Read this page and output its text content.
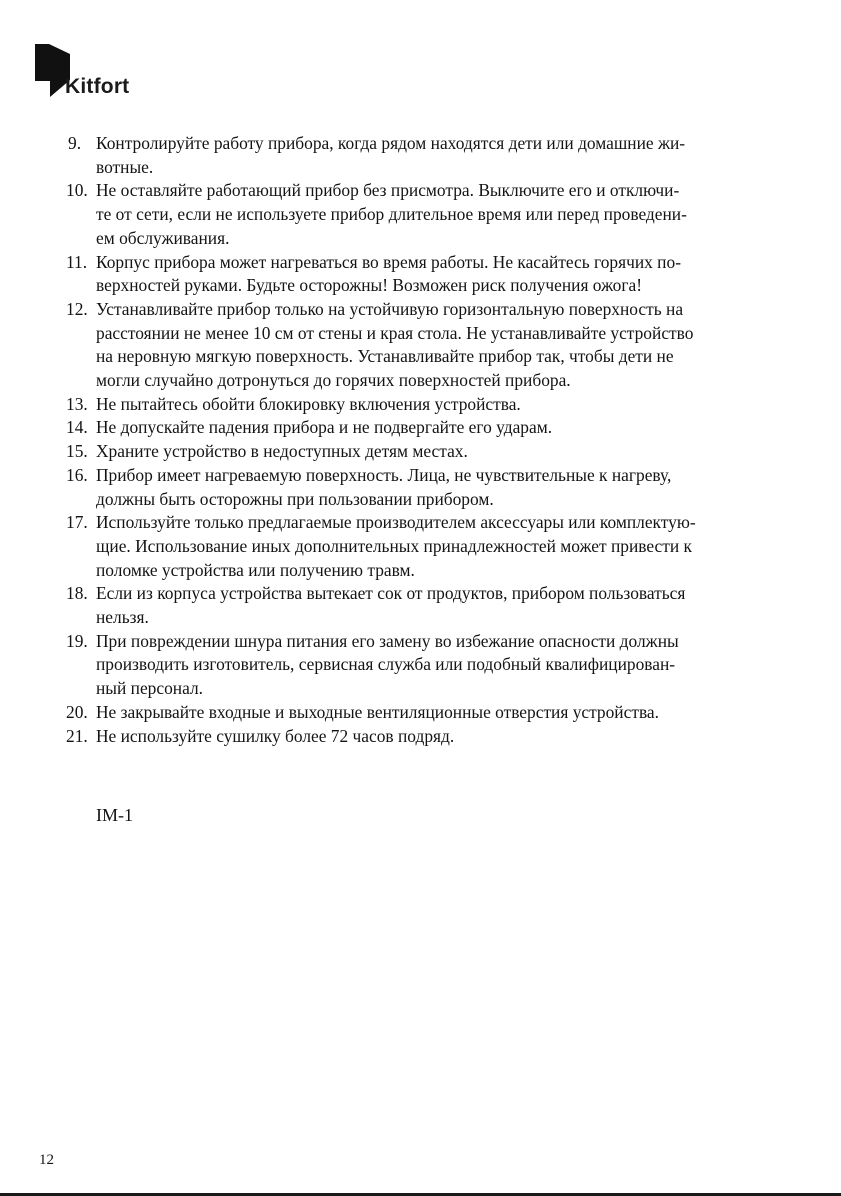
Kitfort
9. Контролируйте работу прибора, когда рядом находятся дети или домашние жи-
вотные.
10. Не оставляйте работающий прибор без присмотра. Выключите его и отключи-
те от сети, если не используете прибор длительное время или перед проведени-
ем обслуживания.
11. Корпус прибора может нагреваться во время работы. Не касайтесь горячих по-
верхностей руками. Будьте осторожны! Возможен риск получения ожога!
12. Устанавливайте прибор только на устойчивую горизонтальную поверхность на
расстоянии не менее 10 см от стены и края стола. Не устанавливайте устройство
на неровную мягкую поверхность. Устанавливайте прибор так, чтобы дети не
могли случайно дотронуться до горячих поверхностей прибора.
13. Не пытайтесь обойти блокировку включения устройства.
14. Не допускайте падения прибора и не подвергайте его ударам.
15. Храните устройство в недоступных детям местах.
16. Прибор имеет нагреваемую поверхность. Лица, не чувствительные к нагреву,
должны быть осторожны при пользовании прибором.
17. Используйте только предлагаемые производителем аксессуары или комплектую-
щие. Использование иных дополнительных принадлежностей может привести к
поломке устройства или получению травм.
18. Если из корпуса устройства вытекает сок от продуктов, прибором пользоваться
нельзя.
19. При повреждении шнура питания его замену во избежание опасности должны
производить изготовитель, сервисная служба или подобный квалифицирован-
ный персонал.
20. Не закрывайте входные и выходные вентиляционные отверстия устройства.
21. Не используйте сушилку более 72 часов подряд.
IM-1
12
